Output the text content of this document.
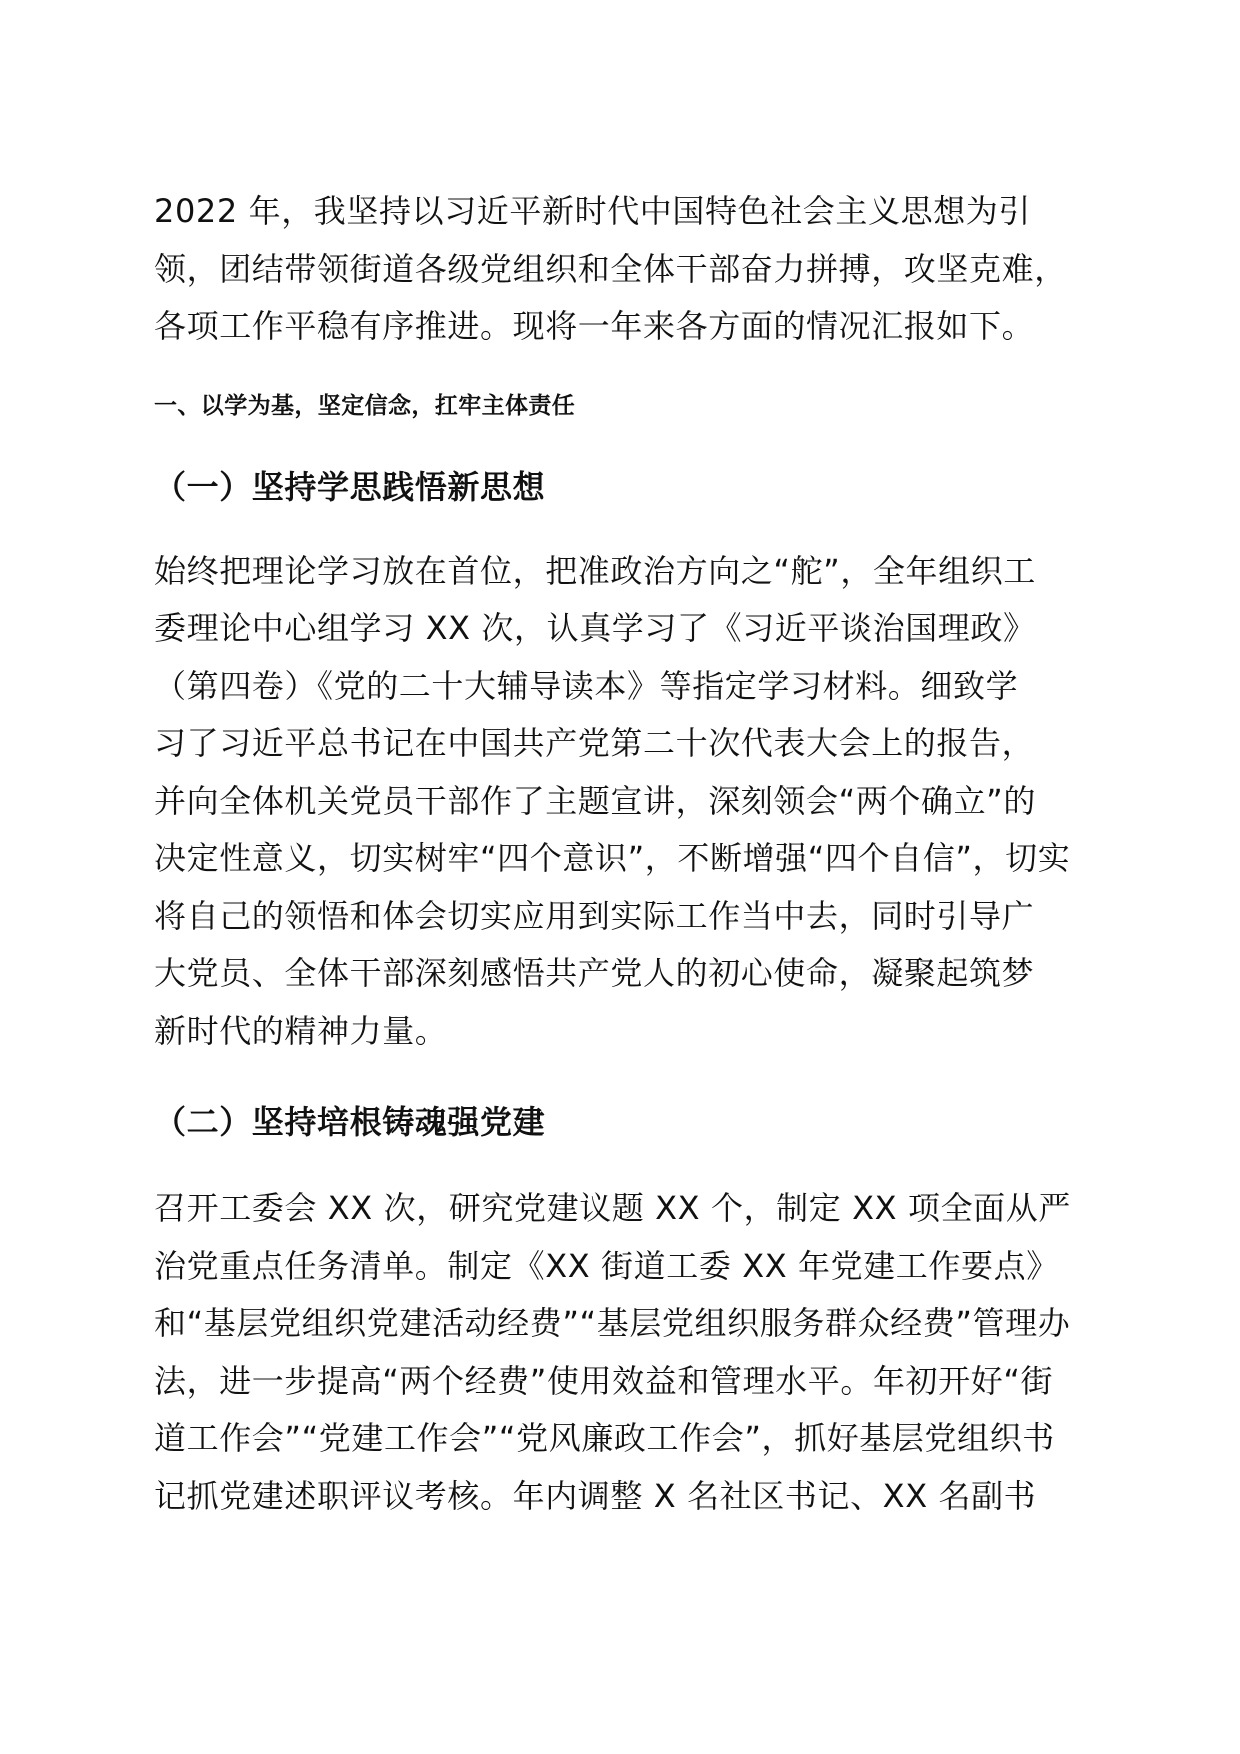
2022 年，我坚持以习近平新时代中国特色社会主义思想为引
领，团结带领街道各级党组织和全体干部奋力拼搏，攻坚克难，
各项工作平稳有序推进。现将一年来各方面的情况汇报如下。

一、以学为基，坚定信念，扛牢主体责任
（一）坚持学思践悟新思想

始终把理论学习放在首位，把准政治方向之“舵”，全年组织工
委理论中心组学习 XX 次，认真学习了《习近平谈治国理政》
（第四卷）《党的二十大辅导读本》等指定学习材料。细致学
习了习近平总书记在中国共产党第二十次代表大会上的报告，
并向全体机关党员干部作了主题宣讲，深刻领会“两个确立”的
决定性意义，切实树牢“四个意识”，不断增强“四个自信”，切实
将自己的领悟和体会切实应用到实际工作当中去，同时引导广
大党员、全体干部深刻感悟共产党人的初心使命，凝聚起筑梦
新时代的精神力量。

（二）坚持培根铸魂强党建

召开工委会 XX 次，研究党建议题 XX 个，制定 XX 项全面从严
治党重点任务清单。制定《XX 街道工委 XX 年党建工作要点》
和“基层党组织党建活动经费”“基层党组织服务群众经费”管理办
法，进一步提高“两个经费”使用效益和管理水平。年初开好“街
道工作会”“党建工作会”“党风廉政工作会”，抓好基层党组织书
记抓党建述职评议考核。年内调整 X 名社区书记、XX 名副书
